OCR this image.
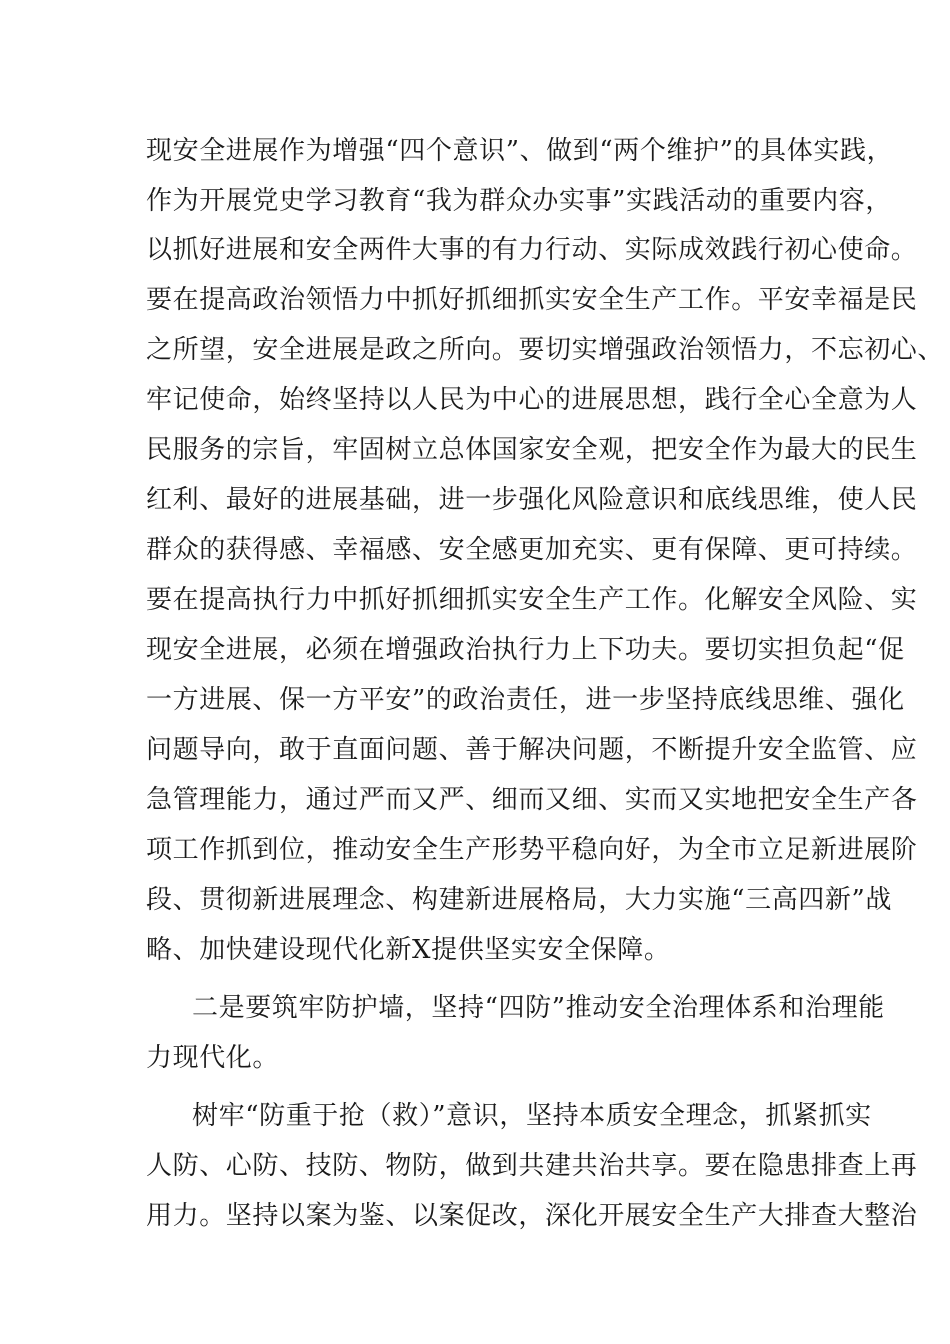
现安全进展作为增强“四个意识”、做到“两个维护”的具体实践，
作为开展党史学习教育“我为群众办实事”实践活动的重要内容，
以抓好进展和安全两件大事的有力行动、实际成效践行初心使命。
要在提高政治领悟力中抓好抓细抓实安全生产工作。平安幸福是民
之所望，安全进展是政之所向。要切实增强政治领悟力，不忘初心、
牢记使命，始终坚持以人民为中心的进展思想，践行全心全意为人
民服务的宗旨，牢固树立总体国家安全观，把安全作为最大的民生
红利、最好的进展基础，进一步强化风险意识和底线思维，使人民
群众的获得感、幸福感、安全感更加充实、更有保障、更可持续。
要在提高执行力中抓好抓细抓实安全生产工作。化解安全风险、实
现安全进展，必须在增强政治执行力上下功夫。要切实担负起“促
一方进展、保一方平安”的政治责任，进一步坚持底线思维、强化
问题导向，敢于直面问题、善于解决问题，不断提升安全监管、应
急管理能力，通过严而又严、细而又细、实而又实地把安全生产各
项工作抓到位，推动安全生产形势平稳向好，为全市立足新进展阶
段、贯彻新进展理念、构建新进展格局，大力实施“三高四新”战
略、加快建设现代化新X提供坚实安全保障。
二是要筑牢防护墙，坚持“四防”推动安全治理体系和治理能
力现代化。
树牢“防重于抢（救）”意识，坚持本质安全理念，抓紧抓实
人防、心防、技防、物防，做到共建共治共享。要在隐患排查上再
用力。坚持以案为鉴、以案促改，深化开展安全生产大排查大整治
